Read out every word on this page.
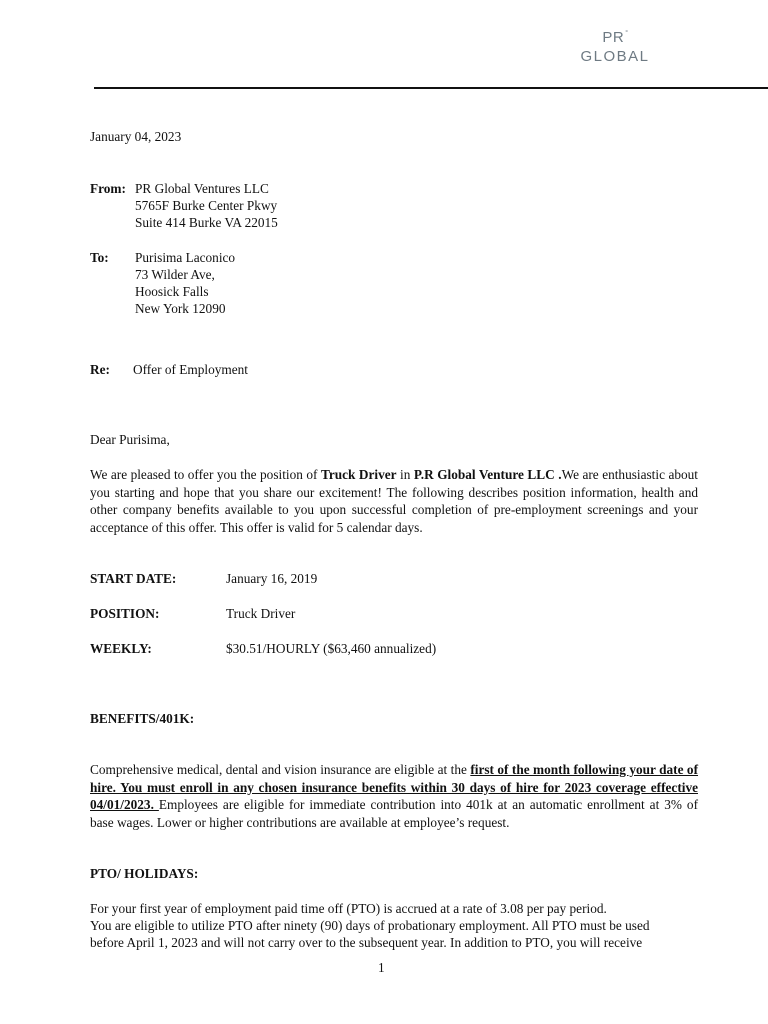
PR°
GLOBAL
January 04, 2023
From: PR Global Ventures LLC
5765F Burke Center Pkwy
Suite 414 Burke VA 22015
To: Purisima Laconico
73 Wilder Ave,
Hoosick Falls
New York 12090
Re: Offer of Employment
Dear Purisima,
We are pleased to offer you the position of Truck Driver in P.R Global Venture LLC .We are enthusiastic about you starting and hope that you share our excitement! The following describes position information, health and other company benefits available to you upon successful completion of pre-employment screenings and your acceptance of this offer. This offer is valid for 5 calendar days.
START DATE:	January 16, 2019
POSITION:	Truck Driver
WEEKLY:	$30.51/HOURLY ($63,460 annualized)
BENEFITS/401K:
Comprehensive medical, dental and vision insurance are eligible at the first of the month following your date of hire. You must enroll in any chosen insurance benefits within 30 days of hire for 2023 coverage effective 04/01/2023. Employees are eligible for immediate contribution into 401k at an automatic enrollment at 3% of base wages. Lower or higher contributions are available at employee’s request.
PTO/ HOLIDAYS:
For your first year of employment paid time off (PTO) is accrued at a rate of 3.08 per pay period.
You are eligible to utilize PTO after ninety (90) days of probationary employment. All PTO must be used
before April 1, 2023 and will not carry over to the subsequent year. In addition to PTO, you will receive
1
